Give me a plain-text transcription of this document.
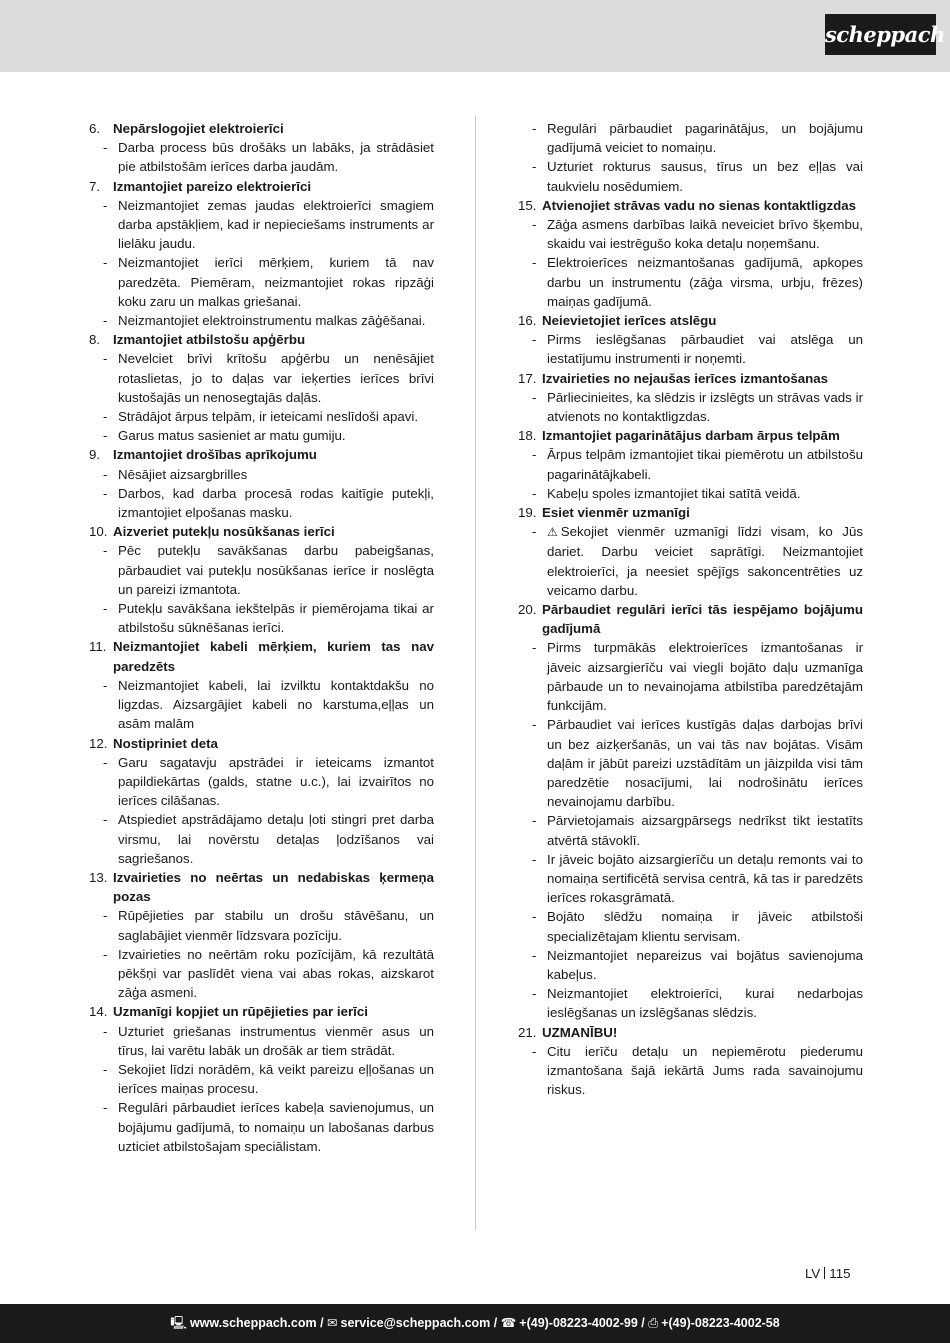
scheppach
6. Nepārslogojiet elektroierīci
- Darba process būs drošāks un labāks, ja strādāsiet pie atbilstošām ierīces darba jaudām.
7. Izmantojiet pareizo elektroierīci
- Neizmantojiet zemas jaudas elektroierīci smagiem darba apstākļiem, kad ir nepieciešams instruments ar lielāku jaudu.
- Neizmantojiet ierīci mērķiem, kuriem tā nav paredzēta. Piemēram, neizmantojiet rokas ripzāģi koku zaru un malkas griešanai.
- Neizmantojiet elektroinstrumentu malkas zāģēšanai.
8. Izmantojiet atbilstošu apģērbu
- Nevelciet brīvi krītošu apģērbu un nenēsājiet rotaslietas, jo to daļas var ieķerties ierīces brīvi kustošajās un nenosegtajās daļās.
- Strādājot ārpus telpām, ir ieteicami neslīdoši apavi.
- Garus matus sasieniet ar matu gumiju.
9. Izmantojiet drošības aprīkojumu
- Nēsājiet aizsargbrilles
- Darbos, kad darba procesā rodas kaitīgie putekļi, izmantojiet elpošanas masku.
10. Aizveriet putekļu nosūkšanas ierīci
- Pēc putekļu savākšanas darbu pabeigšanas, pārbaudiet vai putekļu nosūkšanas ierīce ir noslēgta un pareizi izmantota.
- Putekļu savākšana iekštelpās ir piemērojama tikai ar atbilstošu sūknēšanas ierīci.
11. Neizmantojiet kabeli mērķiem, kuriem tas nav paredzēts
- Neizmantojiet kabeli, lai izvilktu kontaktdakšu no ligzdas. Aizsargājiet kabeli no karstuma,eļļas un asām malām
12. Nostipriniet deta
- Garu sagatavju apstrādei ir ieteicams izmantot papildiekārtas (galds, statne u.c.), lai izvairītos no ierīces cilāšanas.
- Atspiediet apstrādājamo detaļu ļoti stingri pret darba virsmu, lai novērstu detaļas ļodzīšanos vai sagriešanos.
13. Izvairieties no neērtas un nedabiskas ķermeņa pozas
- Rūpējieties par stabilu un drošu stāvēšanu, un saglabājiet vienmēr līdzsvara pozīciju.
- Izvairieties no neērtām roku pozīcijām, kā rezultātā pēkšņi var paslīdēt viena vai abas rokas, aizskarot zāģa asmeni.
14. Uzmanīgi kopjiet un rūpējieties par ierīci
- Uzturiet griešanas instrumentus vienmēr asus un tīrus, lai varētu labāk un drošāk ar tiem strādāt.
- Sekojiet līdzi norādēm, kā veikt pareizu eļļošanas un ierīces maiņas procesu.
- Regulāri pārbaudiet ierīces kabeļa savienojumus, un bojājumu gadījumā, to nomaiņu un labošanas darbus uzticiet atbilstošajam speciālistam.
- Regulāri pārbaudiet pagarinātājus, un bojājumu gadījumā veiciet to nomaiņu.
- Uzturiet rokturus sausus, tīrus un bez eļļas vai taukvielu nosēdumiem.
15. Atvienojiet strāvas vadu no sienas kontaktligzdas
- Zāģa asmens darbības laikā neveiciet brīvo šķembu, skaidu vai iestrēgušo koka detaļu noņemšanu.
- Elektroierīces neizmantošanas gadījumā, apkopes darbu un instrumentu (zāģa virsma, urbju, frēzes) maiņas gadījumā.
16. Neievietojiet ierīces atslēgu
- Pirms ieslēgšanas pārbaudiet vai atslēga un iestatījumu instrumenti ir noņemti.
17. Izvairieties no nejaušas ierīces izmantošanas
- Pārliecinieites, ka slēdzis ir izslēgts un strāvas vads ir atvienots no kontaktligzdas.
18. Izmantojiet pagarinātājus darbam ārpus telpām
- Ārpus telpām izmantojiet tikai piemērotu un atbilstošu pagarinātājkabeli.
- Kabeļu spoles izmantojiet tikai satītā veidā.
19. Esiet vienmēr uzmanīgi
- ⚠ Sekojiet vienmēr uzmanīgi līdzi visam, ko Jūs dariet. Darbu veiciet saprātīgi. Neizmantojiet elektroierīci, ja neesiet spējīgs sakoncentrēties uz veicamo darbu.
20. Pārbaudiet regulāri ierīci tās iespējamo bojājumu gadījumā
- Pirms turpmākās elektroierīces izmantošanas ir jāveic aizsargierīču vai viegli bojāto daļu uzmanīga pārbaude un to nevainojama atbilstība paredzētajām funkcijām.
- Pārbaudiet vai ierīces kustīgās daļas darbojas brīvi un bez aizķeršanās, un vai tās nav bojātas. Visām daļām ir jābūt pareizi uzstādītām un jāizpilda visi tām paredzētie nosacījumi, lai nodrošinātu ierīces nevainojamu darbību.
- Pārvietojamais aizsargpārsegs nedrīkst tikt iestatīts atvērtā stāvoklī.
- Ir jāveic bojāto aizsargierīču un detaļu remonts vai to nomaiņa sertificētā servisa centrā, kā tas ir paredzēts ierīces rokasgrāmatā.
- Bojāto slēdžu nomaiņa ir jāveic atbilstoši specializētajam klientu servisam.
- Neizmantojiet nepareizus vai bojātus savienojuma kabeļus.
- Neizmantojiet elektroierīci, kurai nedarbojas ieslēgšanas un izslēgšanas slēdzis.
21. UZMANĪBU!
- Citu ierīču detaļu un nepiemērotu piederumu izmantošana šajā iekārtā Jums rada savainojumu riskus.
LV 115
🖳 www.scheppach.com / ✉ service@scheppach.com / ☎ +(49)-08223-4002-99 / ⎙ +(49)-08223-4002-58
